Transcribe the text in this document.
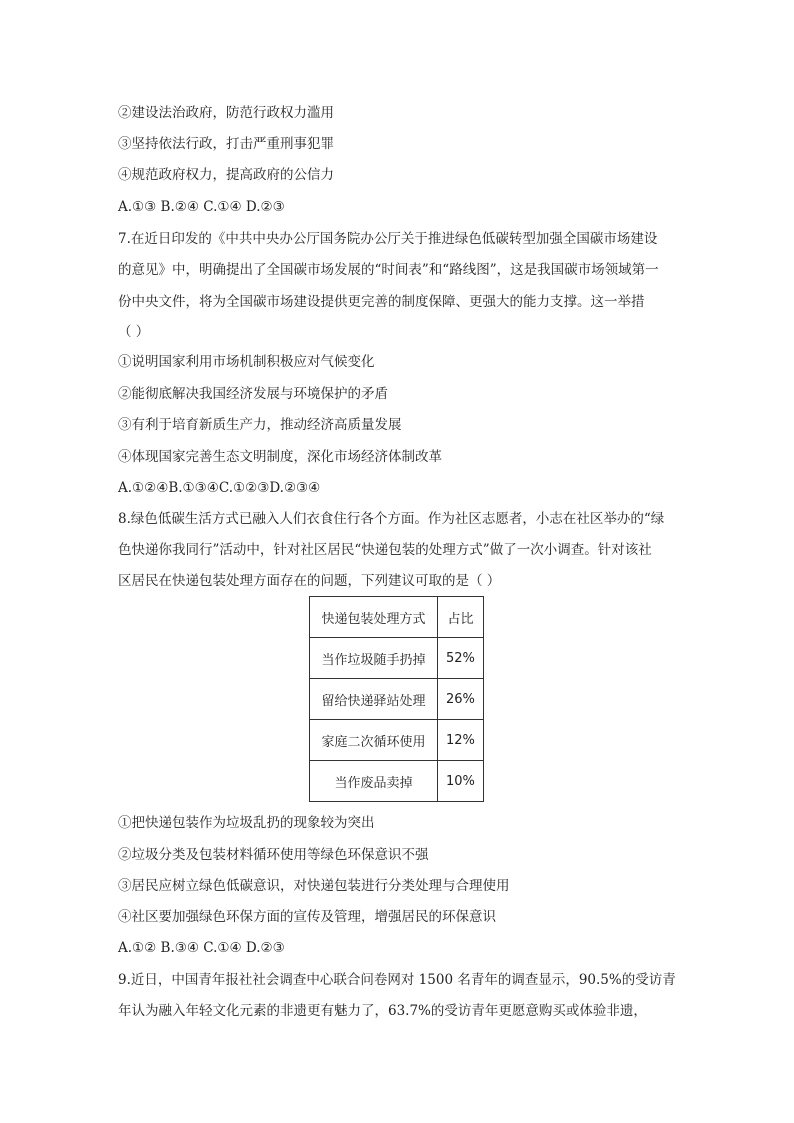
②建设法治政府，防范行政权力滥用
③坚持依法行政，打击严重刑事犯罪
④规范政府权力，提高政府的公信力
A.①③ B.②④ C.①④ D.②③
7.在近日印发的《中共中央办公厅国务院办公厅关于推进绿色低碳转型加强全国碳市场建设
的意见》中，明确提出了全国碳市场发展的“时间表”和“路线图”，这是我国碳市场领域第一
份中央文件，将为全国碳市场建设提供更完善的制度保障、更强大的能力支撑。这一举措
（ ）
①说明国家利用市场机制积极应对气候变化
②能彻底解决我国经济发展与环境保护的矛盾
③有利于培育新质生产力，推动经济高质量发展
④体现国家完善生态文明制度，深化市场经济体制改革
A.①②④B.①③④C.①②③D.②③④
8.绿色低碳生活方式已融入人们衣食住行各个方面。作为社区志愿者，小志在社区举办的“绿
色快递你我同行”活动中，针对社区居民“快递包装的处理方式”做了一次小调查。针对该社
区居民在快递包装处理方面存在的问题，下列建议可取的是（ ）
快递包装处理方式	占比
当作垃圾随手扔掉	52%
留给快递驿站处理	26%
家庭二次循环使用	12%
当作废品卖掉	10%
①把快递包装作为垃圾乱扔的现象较为突出
②垃圾分类及包装材料循环使用等绿色环保意识不强
③居民应树立绿色低碳意识，对快递包装进行分类处理与合理使用
④社区要加强绿色环保方面的宣传及管理，增强居民的环保意识
A.①② B.③④ C.①④ D.②③
9.近日，中国青年报社社会调查中心联合问卷网对 1500 名青年的调查显示，90.5%的受访青
年认为融入年轻文化元素的非遗更有魅力了，63.7%的受访青年更愿意购买或体验非遗，
